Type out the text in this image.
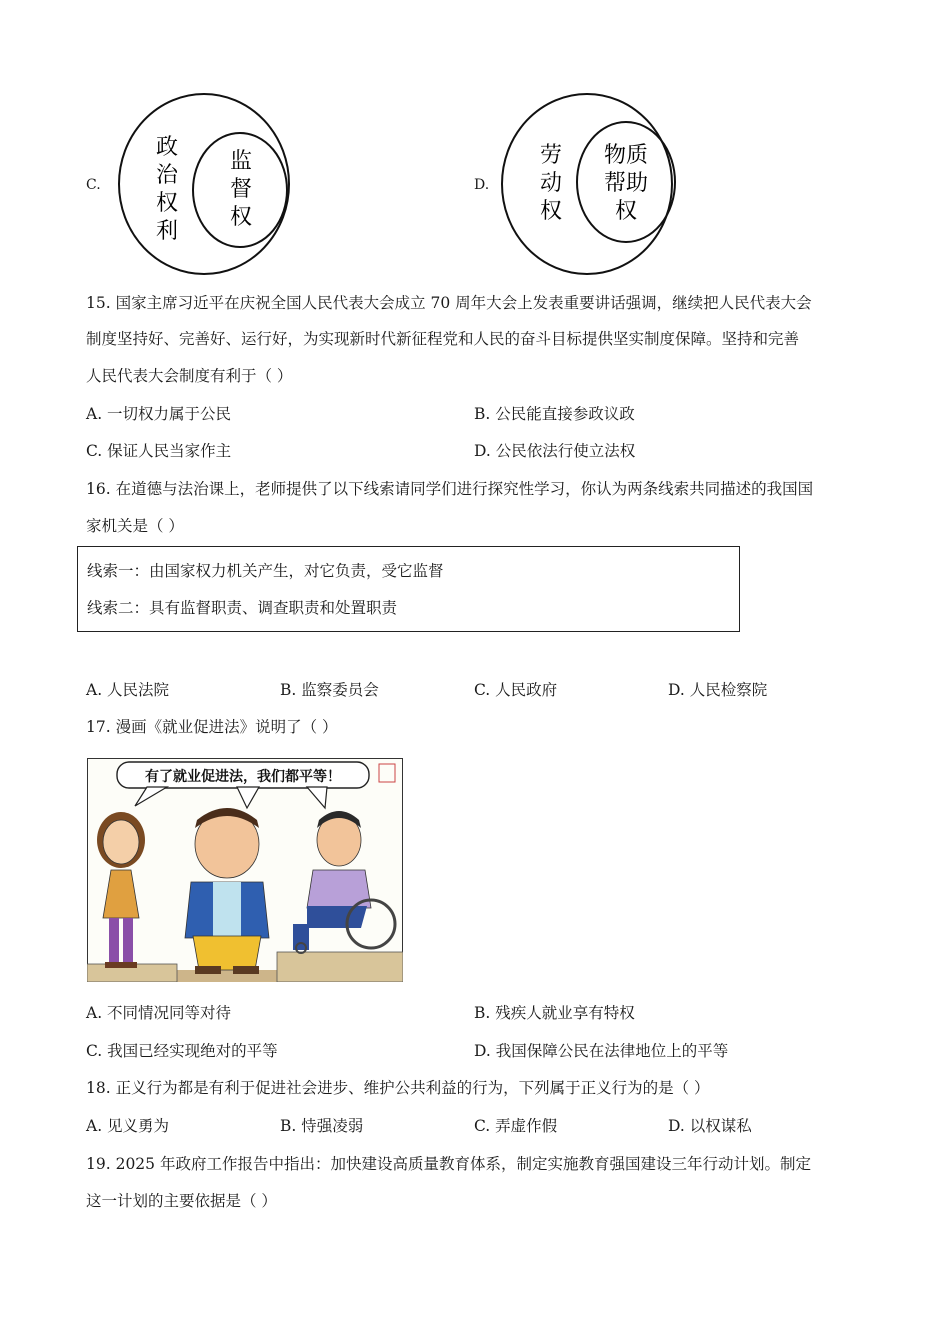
C.
政
治
权
利
监
督
权
D.
劳
动
权
物质
帮助
权
15. 国家主席习近平在庆祝全国人民代表大会成立 70 周年大会上发表重要讲话强调，继续把人民代表大会
制度坚持好、完善好、运行好，为实现新时代新征程党和人民的奋斗目标提供坚实制度保障。坚持和完善
人民代表大会制度有利于（ ）
A. 一切权力属于公民	B. 公民能直接参政议政
C. 保证人民当家作主	D. 公民依法行使立法权
16. 在道德与法治课上，老师提供了以下线索请同学们进行探究性学习，你认为两条线索共同描述的我国国
家机关是（ ）
线索一：由国家权力机关产生，对它负责，受它监督
线索二：具有监督职责、调查职责和处置职责
A. 人民法院	B. 监察委员会	C. 人民政府	D. 人民检察院
17. 漫画《就业促进法》说明了（ ）
有了就业促进法，我们都平等！
A. 不同情况同等对待	B. 残疾人就业享有特权
C. 我国已经实现绝对的平等	D. 我国保障公民在法律地位上的平等
18. 正义行为都是有利于促进社会进步、维护公共利益的行为，下列属于正义行为的是（ ）
A. 见义勇为	B. 恃强凌弱	C. 弄虚作假	D. 以权谋私
19. 2025 年政府工作报告中指出：加快建设高质量教育体系，制定实施教育强国建设三年行动计划。制定
这一计划的主要依据是（ ）
